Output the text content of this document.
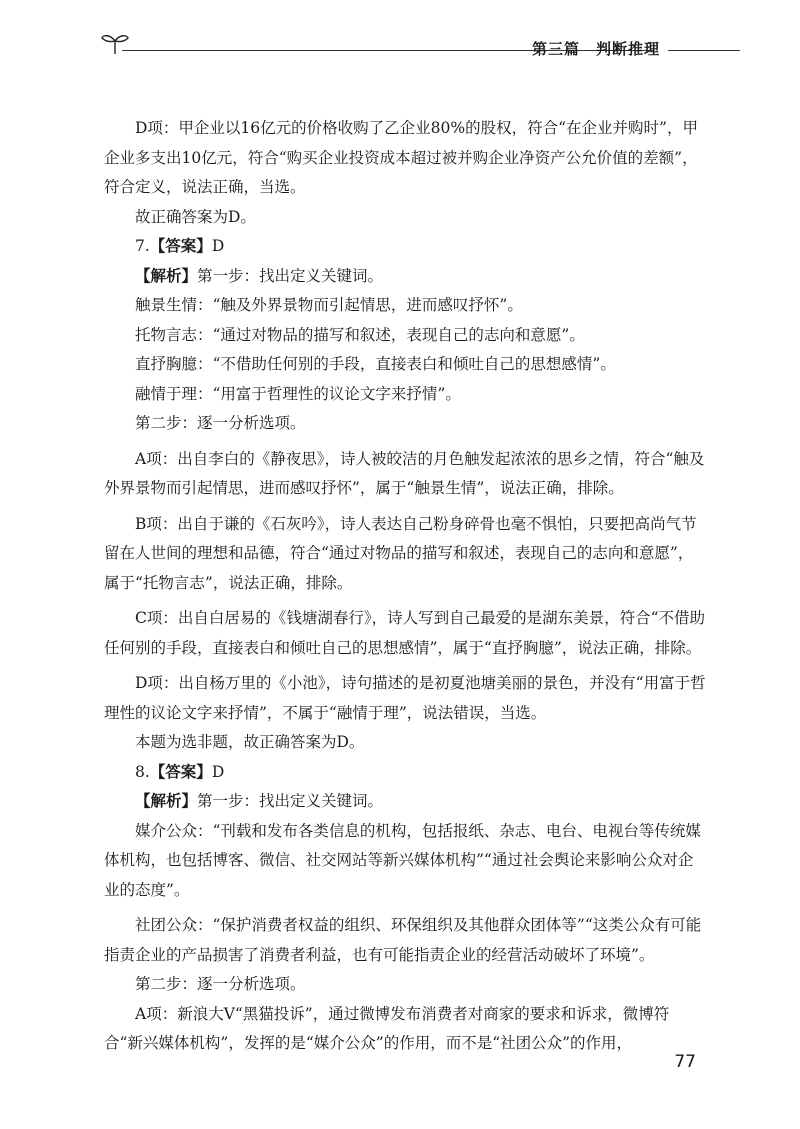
第三篇　判断推理

D项：甲企业以16亿元的价格收购了乙企业80%的股权，符合“在企业并购时”，甲企业多支出10亿元，符合“购买企业投资成本超过被并购企业净资产公允价值的差额”，符合定义，说法正确，当选。

故正确答案为D。

7.【答案】D

【解析】第一步：找出定义关键词。

触景生情：“触及外界景物而引起情思，进而感叹抒怀”。

托物言志：“通过对物品的描写和叙述，表现自己的志向和意愿”。

直抒胸臆：“不借助任何别的手段，直接表白和倾吐自己的思想感情”。

融情于理：“用富于哲理性的议论文字来抒情”。

第二步：逐一分析选项。

A项：出自李白的《静夜思》，诗人被皎洁的月色触发起浓浓的思乡之情，符合“触及外界景物而引起情思，进而感叹抒怀”，属于“触景生情”，说法正确，排除。

B项：出自于谦的《石灰吟》，诗人表达自己粉身碎骨也毫不惧怕，只要把高尚气节留在人世间的理想和品德，符合“通过对物品的描写和叙述，表现自己的志向和意愿”，属于“托物言志”，说法正确，排除。

C项：出自白居易的《钱塘湖春行》，诗人写到自己最爱的是湖东美景，符合“不借助任何别的手段，直接表白和倾吐自己的思想感情”，属于“直抒胸臆”，说法正确，排除。

D项：出自杨万里的《小池》，诗句描述的是初夏池塘美丽的景色，并没有“用富于哲理性的议论文字来抒情”，不属于“融情于理”，说法错误，当选。

本题为选非题，故正确答案为D。

8.【答案】D

【解析】第一步：找出定义关键词。

媒介公众：“刊载和发布各类信息的机构，包括报纸、杂志、电台、电视台等传统媒体机构，也包括博客、微信、社交网站等新兴媒体机构”“通过社会舆论来影响公众对企业的态度”。

社团公众：“保护消费者权益的组织、环保组织及其他群众团体等”“这类公众有可能指责企业的产品损害了消费者利益，也有可能指责企业的经营活动破坏了环境”。

第二步：逐一分析选项。

A项：新浪大V“黑猫投诉”，通过微博发布消费者对商家的要求和诉求，微博符合“新兴媒体机构”，发挥的是“媒介公众”的作用，而不是“社团公众”的作用，

77
